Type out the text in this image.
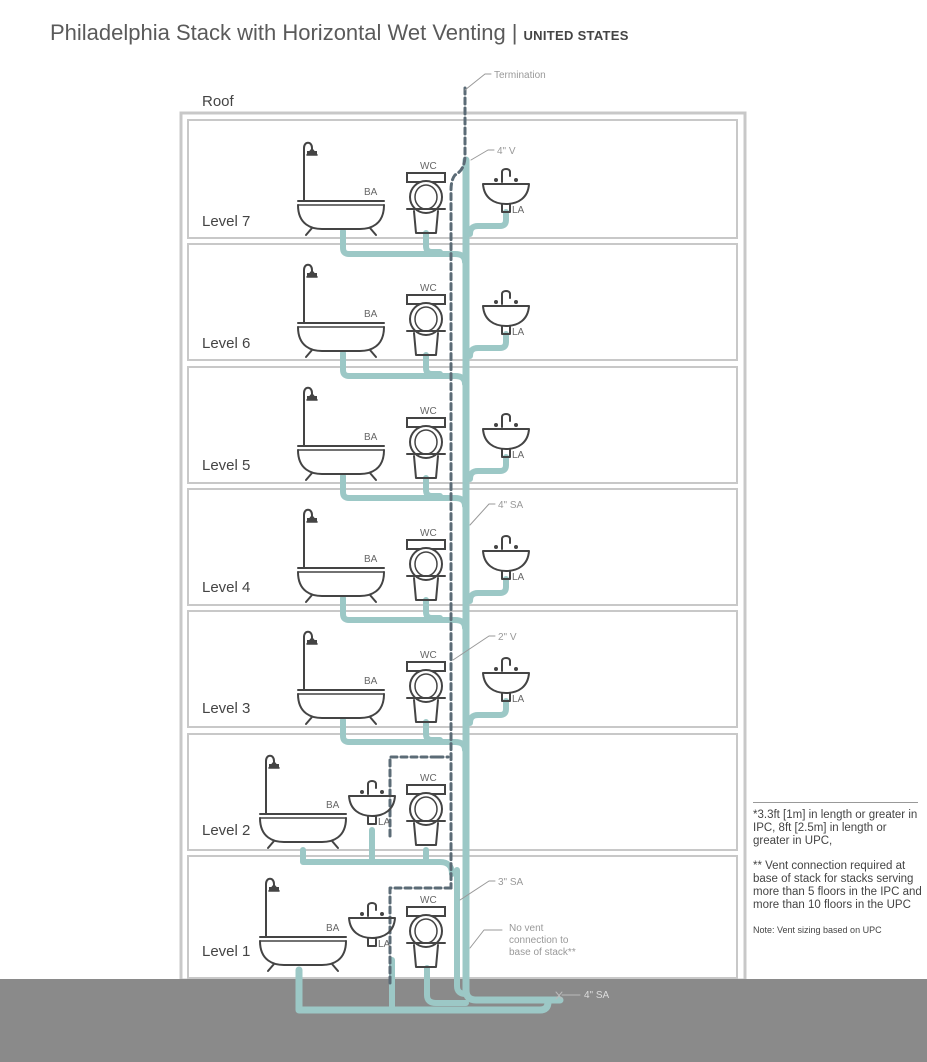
Philadelphia Stack with Horizontal Wet Venting | UNITED STATES
Roof
Level 7
Level 6
Level 5
Level 4
Level 3
Level 2
Level 1
BA
WC
LA
BA
WC
LA
BA
WC
LA
BA
WC
LA
BA
WC
LA
BA
LA
WC
BA
LA
WC
Termination
4" V
4" SA
2" V
3" SA
No vent
connection to
base of stack**
4" SA

*3.3ft [1m] in length or greater in IPC, 8ft [2.5m] in length or greater in UPC,

** Vent connection required at base of stack for stacks serving more than 5 floors in the IPC and more than 10 floors in the UPC

Note: Vent sizing based on UPC
